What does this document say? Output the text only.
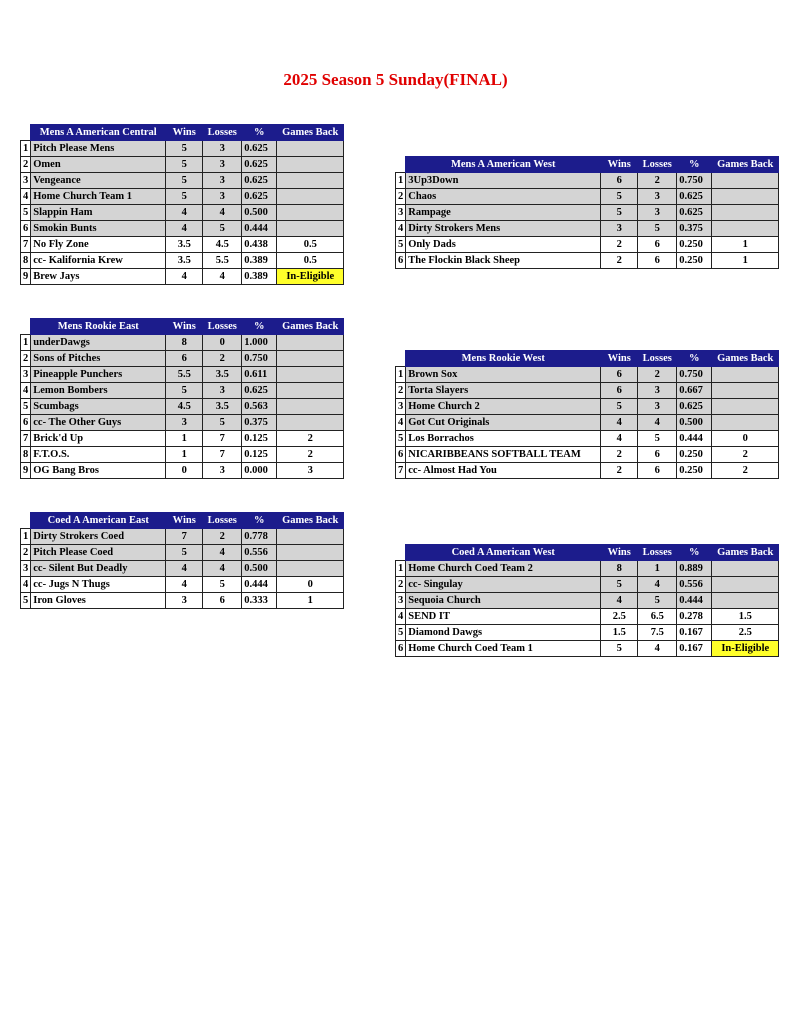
2025 Season 5 Sunday(FINAL)
	Mens A American Central	Wins	Losses	%	Games Back
1	Pitch Please Mens	5	3	0.625	
2	Omen	5	3	0.625	
3	Vengeance	5	3	0.625	
4	Home Church Team 1	5	3	0.625	
5	Slappin Ham	4	4	0.500	
6	Smokin Bunts	4	5	0.444	
7	No Fly Zone	3.5	4.5	0.438	0.5
8	cc- Kalifornia Krew	3.5	5.5	0.389	0.5
9	Brew Jays	4	4	0.389	In-Eligible
	Mens A American West	Wins	Losses	%	Games Back
1	3Up3Down	6	2	0.750	
2	Chaos	5	3	0.625	
3	Rampage	5	3	0.625	
4	Dirty Strokers Mens	3	5	0.375	
5	Only Dads	2	6	0.250	1
6	The Flockin Black Sheep	2	6	0.250	1
	Mens Rookie East	Wins	Losses	%	Games Back
1	underDawgs	8	0	1.000	
2	Sons of Pitches	6	2	0.750	
3	Pineapple Punchers	5.5	3.5	0.611	
4	Lemon Bombers	5	3	0.625	
5	Scumbags	4.5	3.5	0.563	
6	cc- The Other Guys	3	5	0.375	
7	Brick'd Up	1	7	0.125	2
8	F.T.O.S.	1	7	0.125	2
9	OG Bang Bros	0	3	0.000	3
	Mens Rookie West	Wins	Losses	%	Games Back
1	Brown Sox	6	2	0.750	
2	Torta Slayers	6	3	0.667	
3	Home Church 2	5	3	0.625	
4	Got Cut Originals	4	4	0.500	
5	Los Borrachos	4	5	0.444	0
6	NICARIBBEANS SOFTBALL TEAM	2	6	0.250	2
7	cc- Almost Had You	2	6	0.250	2
	Coed A American East	Wins	Losses	%	Games Back
1	Dirty Strokers Coed	7	2	0.778	
2	Pitch Please Coed	5	4	0.556	
3	cc- Silent But Deadly	4	4	0.500	
4	cc- Jugs N Thugs	4	5	0.444	0
5	Iron Gloves	3	6	0.333	1
	Coed A American West	Wins	Losses	%	Games Back
1	Home Church Coed Team 2	8	1	0.889	
2	cc- Singulay	5	4	0.556	
3	Sequoia Church	4	5	0.444	
4	SEND IT	2.5	6.5	0.278	1.5
5	Diamond Dawgs	1.5	7.5	0.167	2.5
6	Home Church Coed Team 1	5	4	0.167	In-Eligible
